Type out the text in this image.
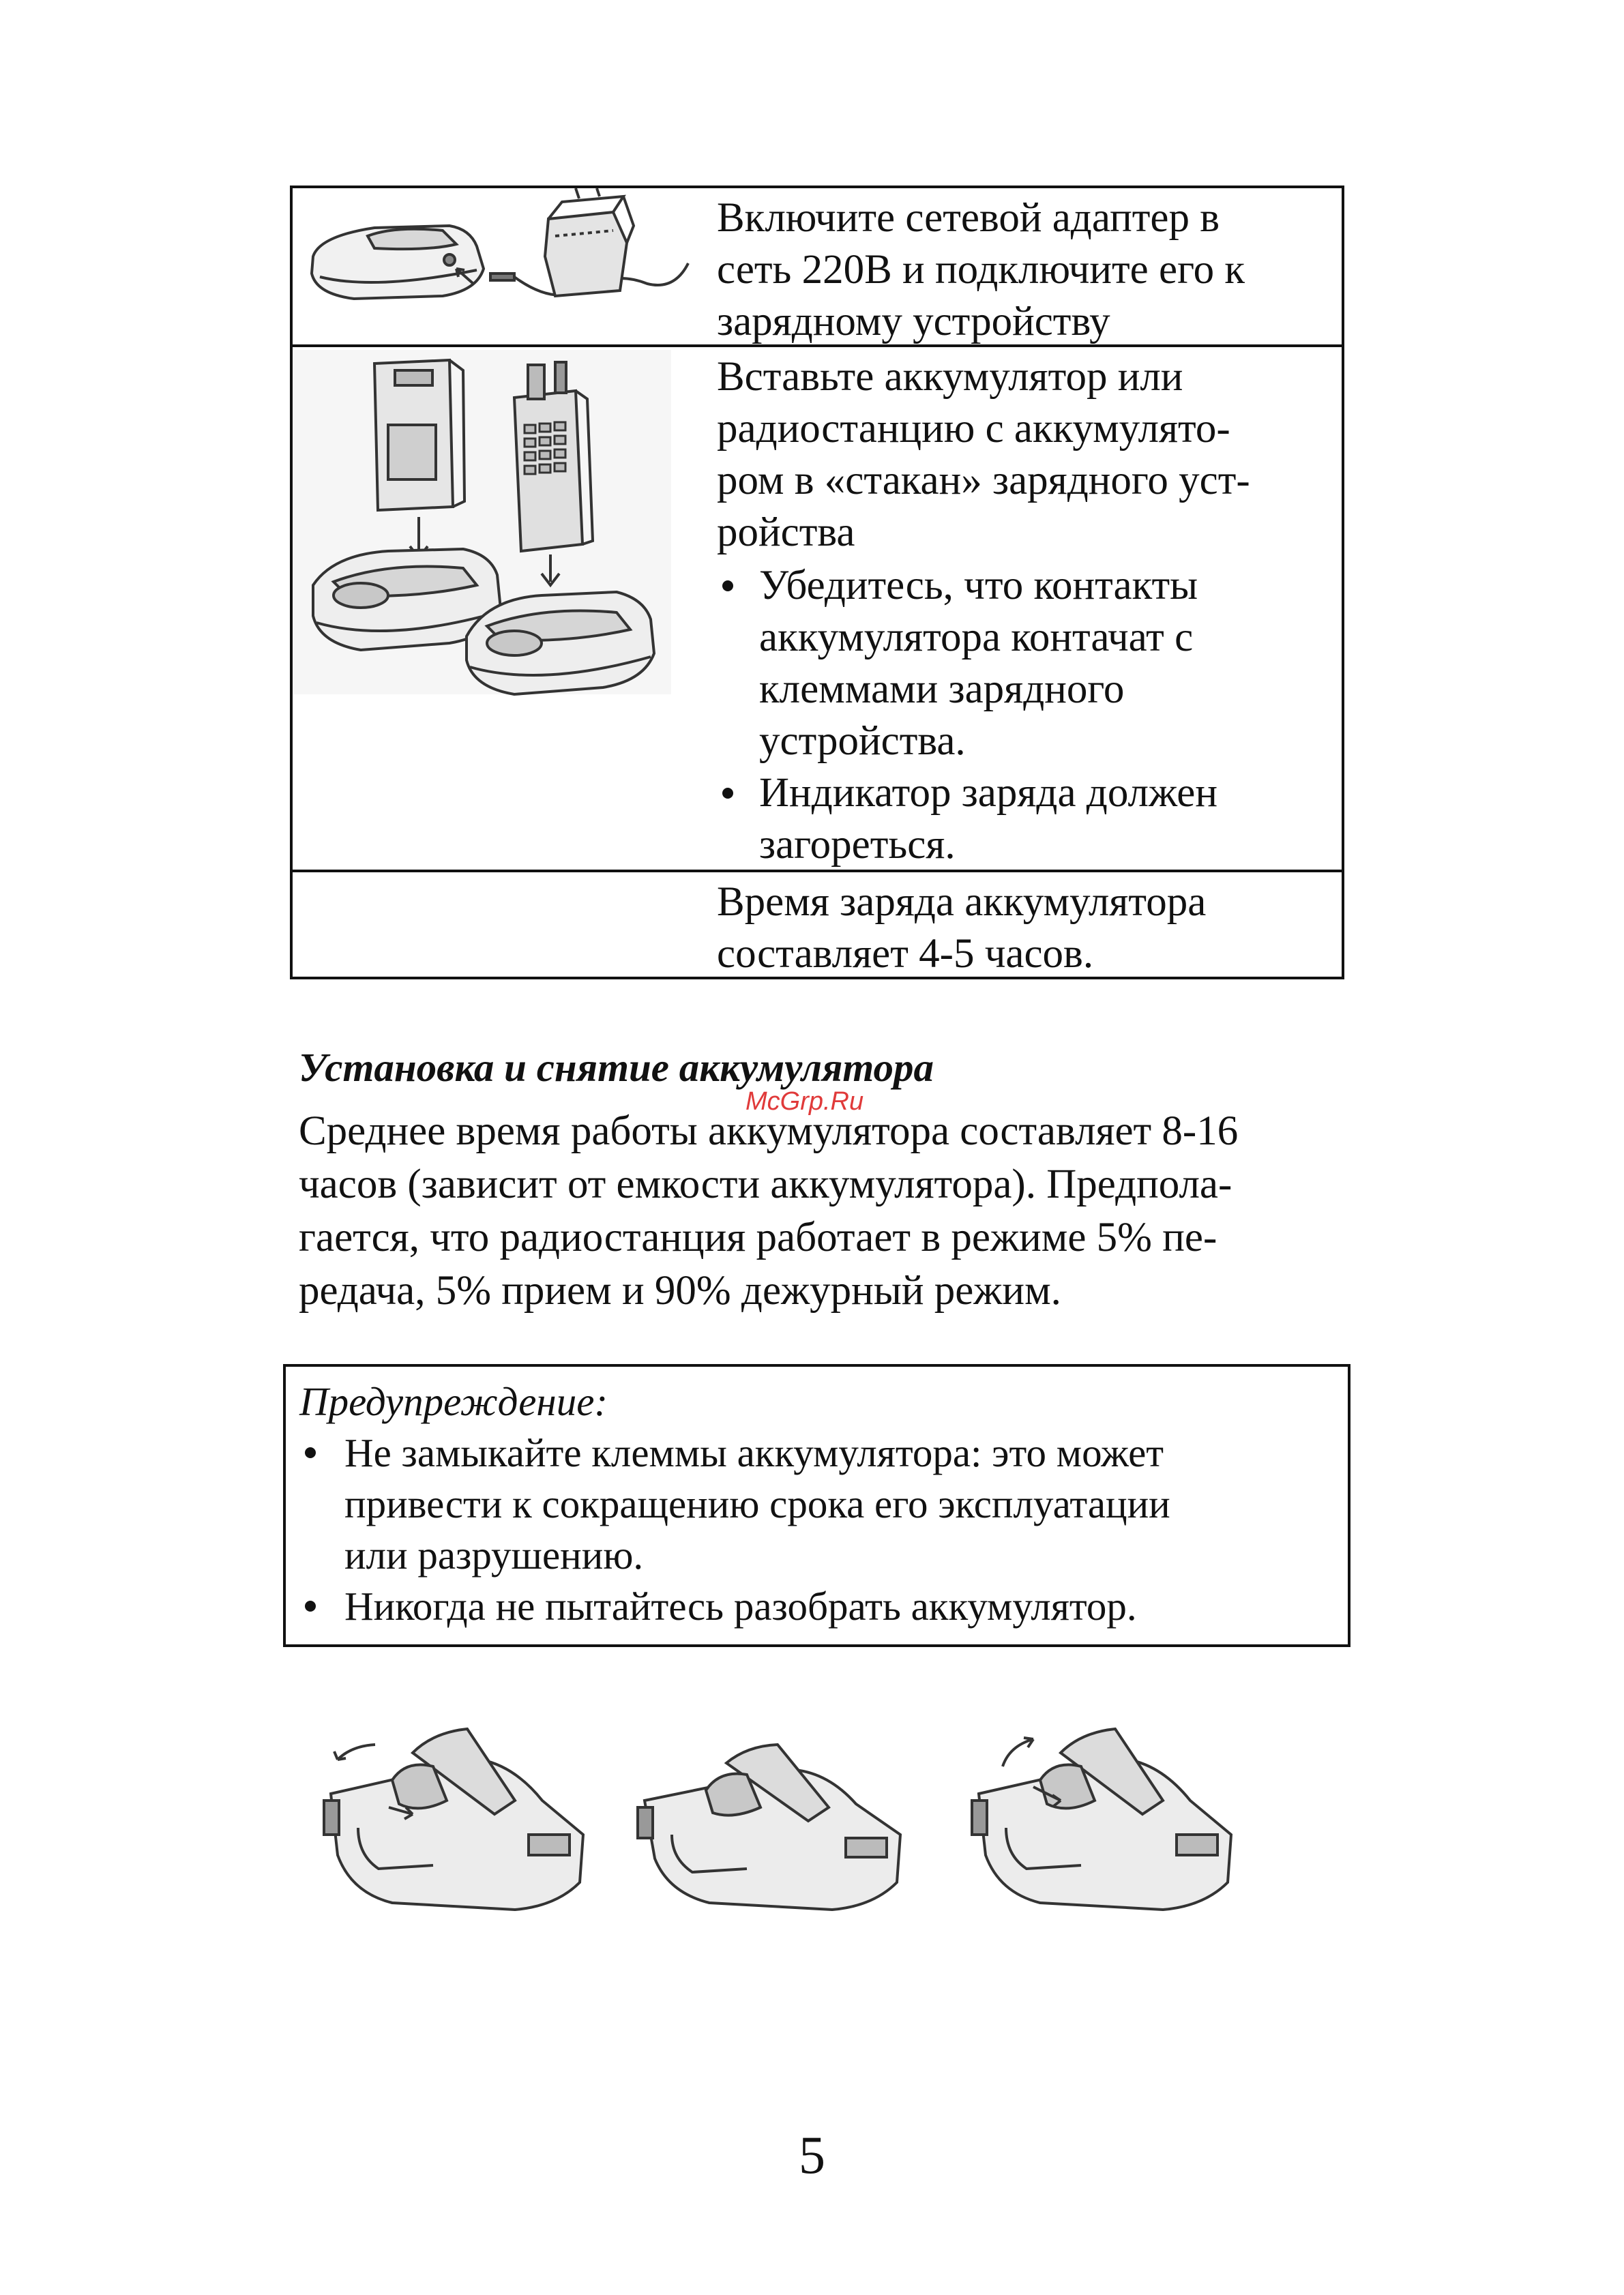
Включите сетевой адаптер в

сеть 220В и подключите его к

зарядному устройству

Вставьте аккумулятор или

радиостанцию с аккумулято-

ром в «стакан» зарядного уст-

ройства

Убедитесь, что контакты
аккумулятора контачат с
клеммами зарядного
устройства.
Индикатор заряда должен
загореться.

Время заряда аккумулятора

составляет 4-5 часов.

Установка и снятие аккумулятора
McGrp.Ru
Среднее время работы аккумулятора составляет 8-16
часов (зависит от емкости аккумулятора). Предпола-
гается, что радиостанция работает в режиме 5% пе-
редача, 5% прием и 90% дежурный режим.

Предупреждение:

Не замыкайте клеммы аккумулятора: это может
привести к сокращению срока его эксплуатации
или разрушению.
Никогда не пытайтесь разобрать аккумулятор.
5
